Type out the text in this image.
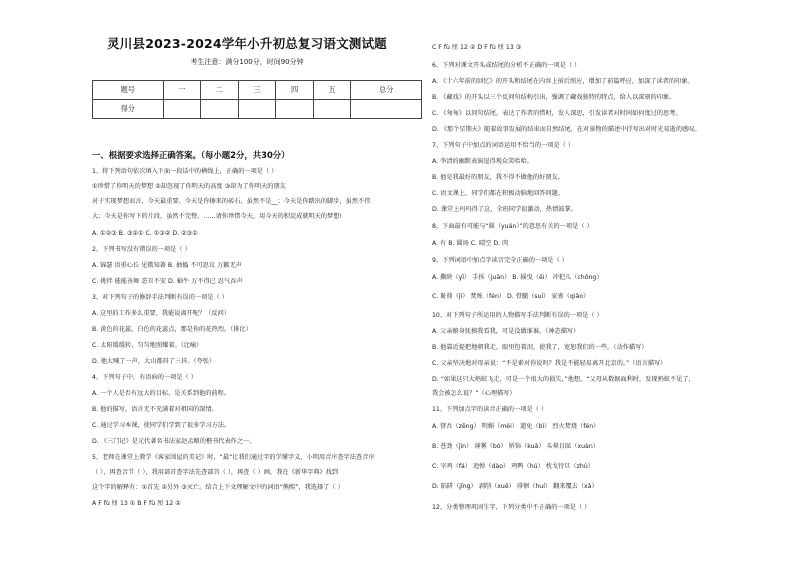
灵川县2023-2024学年小升初总复习语文测试题
考生注意：满分100分，时间90分钟
题号	一	二	三	四	五	总分
得分						
一、根据要求选择正确答案。（每小题2分，共30分）
1、将下列语句依次填入下面一段话中的横线上，正确的一项是（ ）
①珍惜了你明天的梦想 ②却忽视了你明天的高度 ③却为了你明天的朋友
对于实现梦想而言，今天最重要。今天是你擦来的砖石，虽然不是__；今天是你踏出的脚步，虽然不伟
大；今天是你写下的片段，虽然不完整，……请你珍惜今天，用今天的积淀成就明天的梦想!
A. ①②③ B. ③②① C. ①③② D. ②③①
2、下列书写没有错误的一项是（ ）
A. 锦瑟 语重心长 见微知著 B. 抽搐 不可思议 万籁无声
C. 挑拌 能能善舞 态丑不安 D. 蜗牛 万不得已 忍气吞声
3、对下列句子的修辞手法判断有误的一项是（ ）
A. 这里的工作多么重要，我能说离开呢？（反问）
B. 黄色的花蕊，白色的花蕊点，那是你的花热烈。（排比）
C. 太阳缓缓转，匀匀地照耀着。（比喻）
D. 他大喊了一声，大山都抖了三抖。（夸张）
4、下列句子中，有语病的一项是（ ）
A. 一个人是否有远大的目标，是关系到他的前程。
B. 他的描写，语言无不充满着对祖国的深情。
C. 通过学习本课，使同学们学到了很多学习方法。
D. 《三门记》是元代著名书法家赵孟頫的楷书代表作之一。
5、老师在课堂上教学《客家围屋的美记》时，“最”让我们通过字的学懂字义，小明用音序查字法查音序
（ ），再查音节（ ），我用部首查字法先查部首（ ），再查（ ）画，我在《新华字典》找到
这个字的解释有：①首先 ②另外 ③灭亡。结合上下文理解文中的词语“熊熙”，我选择了（ ）
A F fù 厘 13 ① B F fù 厘 12 ②
C F fù 厘 12 ② D F fù 厘 13 ③
6、下列对课文开头或结尾的分析不正确的一项是（ ）
A. 《十六年前的回忆》的开头和结尾在内容上前后照应，增加了前篇呼应，加深了读者的印象。
B. 《藏戏》的开头以三个反问句结构引出，强调了藏戏独特的特点，给人以深刻的印象。
C. 《匆匆》以问句结尾，表达了作者的惜时，发人深思，引发读者对时间如何度过的思考。
D. 《那个星期天》随着故事发展的结束而自然结尾，在对景物的描述中抒写出对时光易逝的感叹。
7、下列句子中加点的词语运用不恰当的一项是（ ）
A. 李清的幽默表演逗得观众笑哈哈。
B. 他是我最好的朋友，我不得不做他的好朋友。
C. 语文课上，同学们都在积极动脑地回答问题。
D. 课堂上玛玛得了这，全班同学很激动，热情鼓掌。
8、下面最有可能与“圆（yuán）”的意思有关的一项是（ ）
A. 有 B. 圆场 C. 晴空 D. 肉
9、下列词语中加点字读音完全正确的一项是（ ）
A. 撕陕（yī） 手拆（juān） B. 摇曳（ēi） 冲犯儿（chōng）
C. 耻鼎（jì） 焚炼（fén） D. 骨髓（suí） 家雀（qiǎo）
10、对下列句子所运用的人物描写手法判断有误的一项是（ ）
A. 父亲俯身抚摸我看我，可是没做谁谁。（神态描写）
B. 他靠近提把地朝我走，眼里包着泪，使我了，宽恕我们的一些。（动作描写）
C. 父亲坚决地对母亲说：“不是素对你说吗？我是不能轻易离开北京的。”（语言描写）
D. “如果这只大蚂蚁飞走，可是一个很大的损失，”他想，“父母从数据面利时，发现蚂蚁不见了，
我会被怎么说？”（心理描写）
11、下列加点字的读音正确的一项是（ ）
A. 督吾（zēng） 明媚（mèi） 遛免（bì） 烈火焚烧（fén）
B. 苍劲（jìn） 薄雾（bó） 矫饰（kuǎ） 头晕目眩（xuàn）
C. 宰鸡（fá） 追悼（dào） 鸡鸭（hú） 枕戈待旦（zhù）
D. 陷阱（jǐng） 剥削（xuē） 徘徊（huí） 翻来覆去（xǎ）
12、分类整理巩固生字，下列分类中不正确的一项是（ ）
